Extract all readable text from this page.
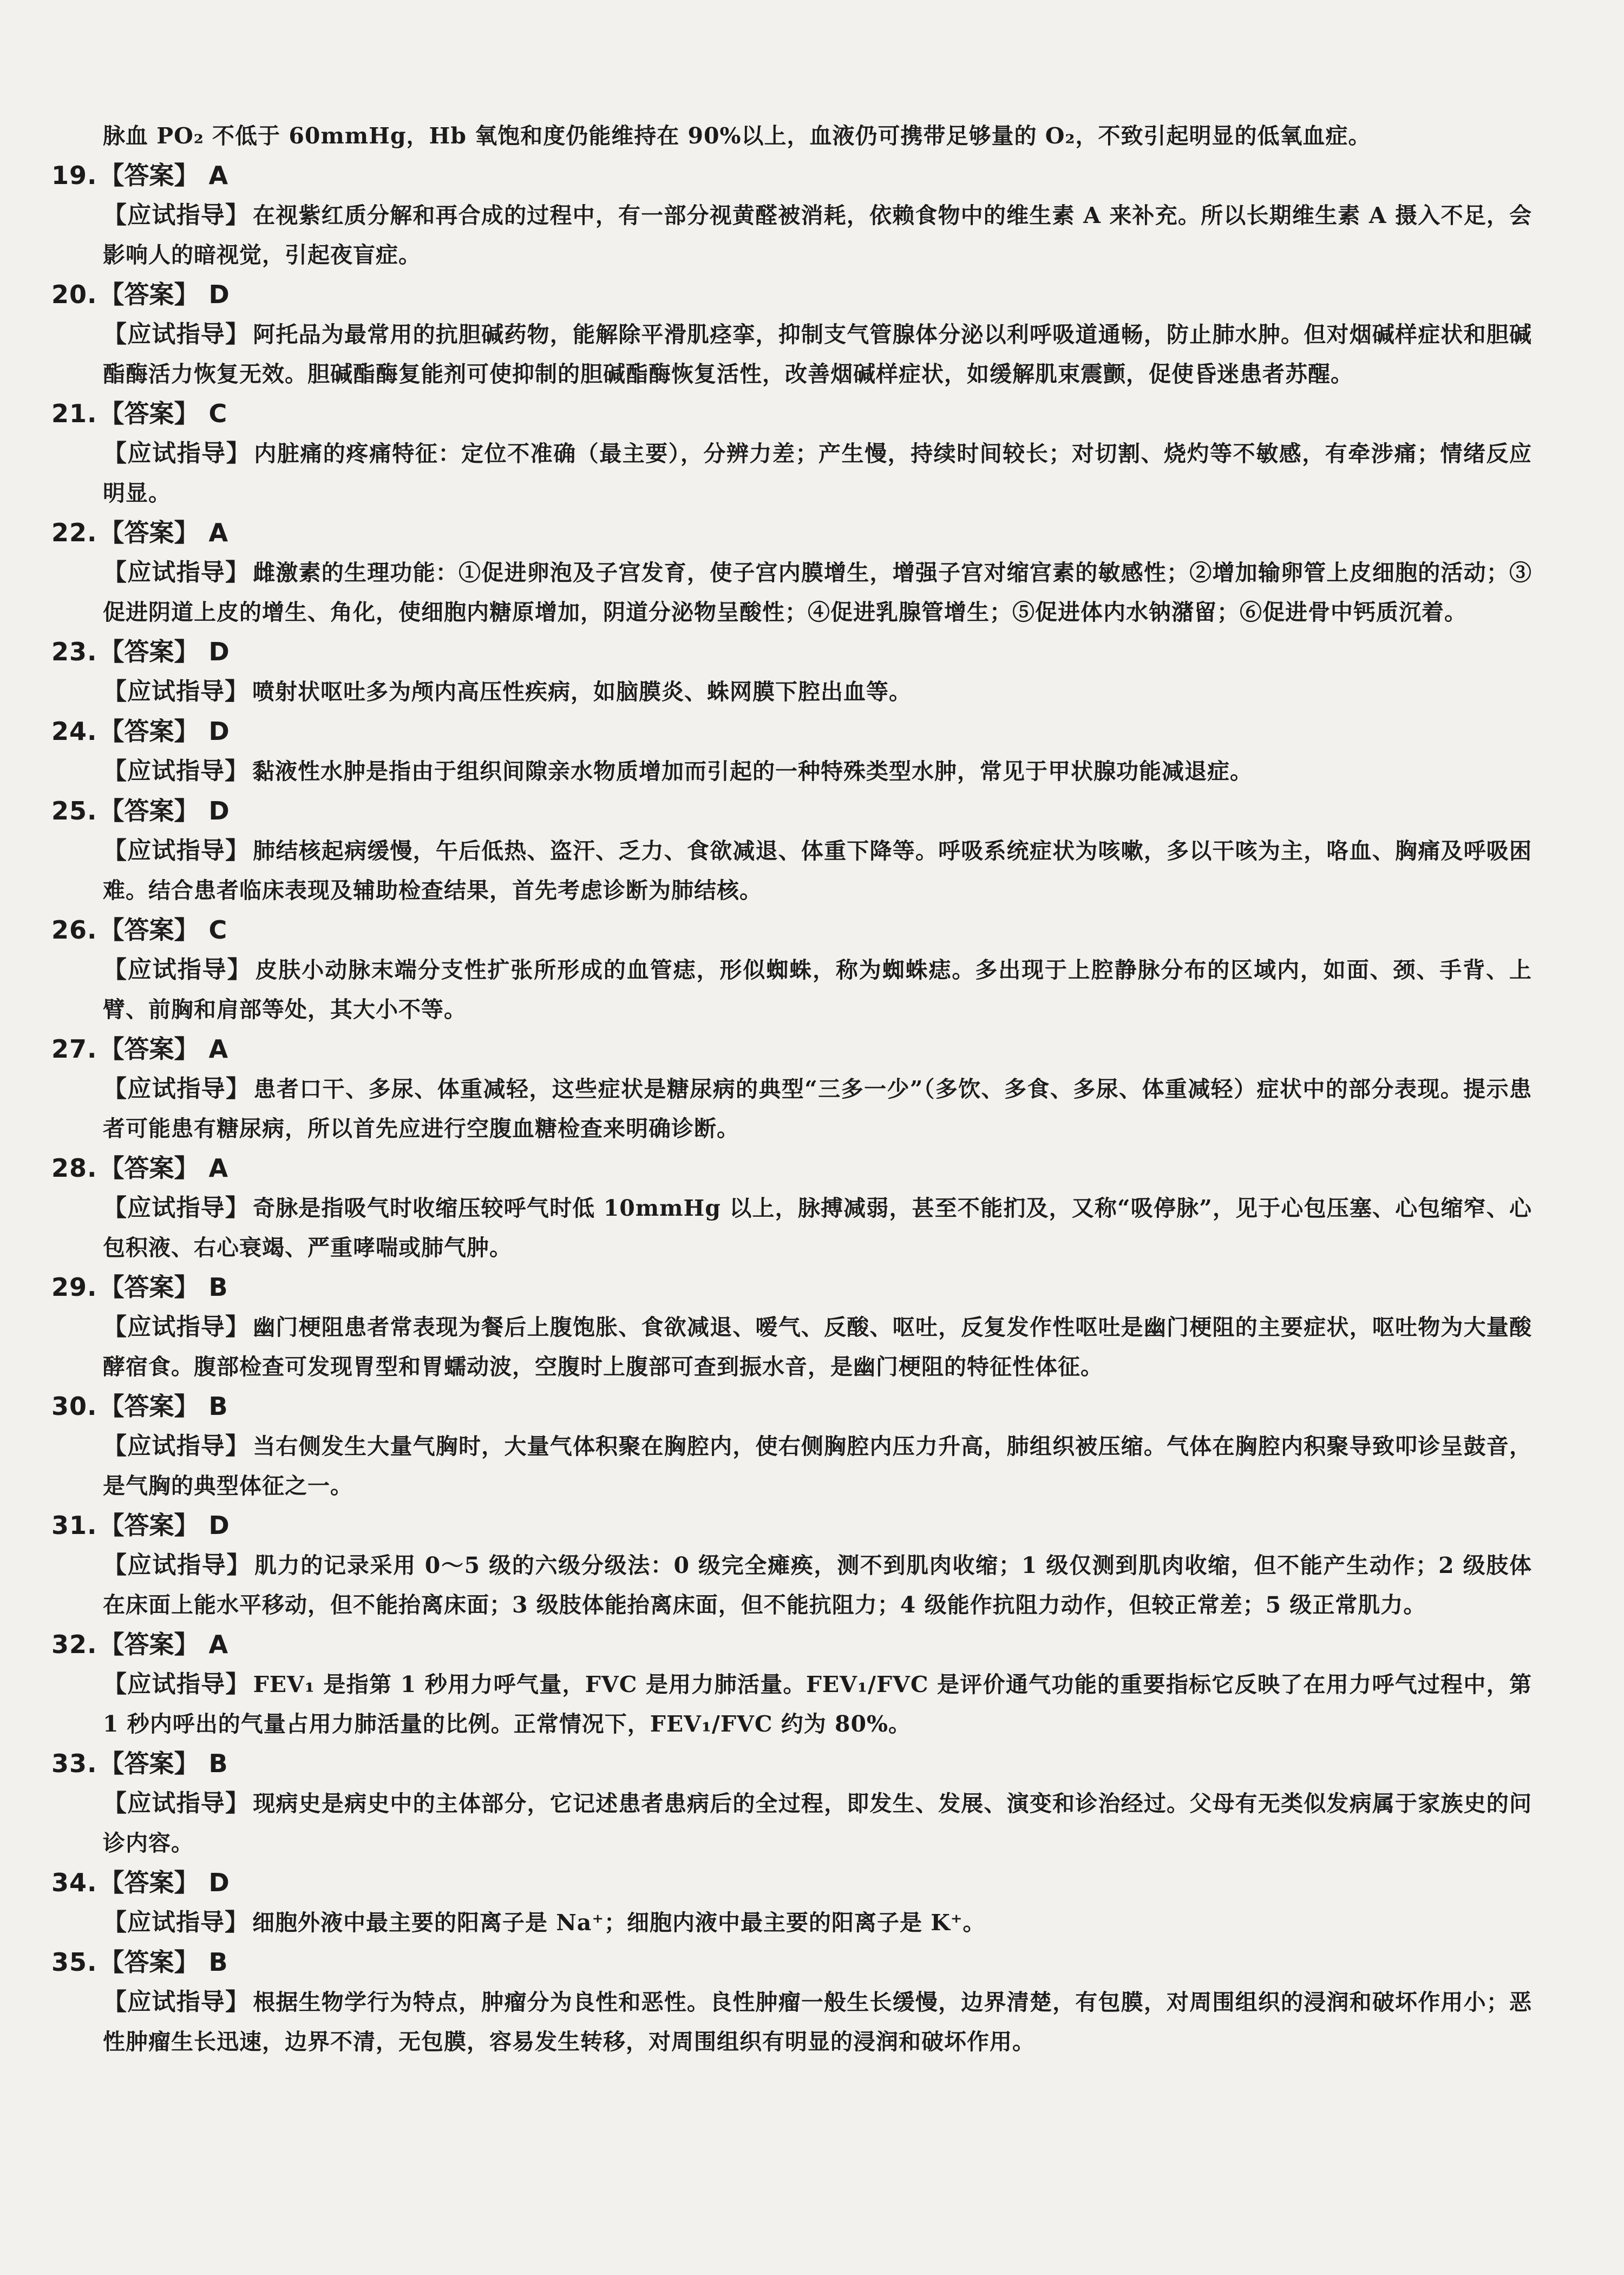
脉血 PO₂ 不低于 60mmHg，Hb 氧饱和度仍能维持在 90%以上，血液仍可携带足够量的 O₂，不致引起明显的低氧血症。
19.【答案】 A
【应试指导】 在视紫红质分解和再合成的过程中，有一部分视黄醛被消耗，依赖食物中的维生素 A 来补充。所以长期维生素 A 摄入不足，会影响人的暗视觉，引起夜盲症。
20.【答案】 D
【应试指导】 阿托品为最常用的抗胆碱药物，能解除平滑肌痉挛，抑制支气管腺体分泌以利呼吸道通畅，防止肺水肿。但对烟碱样症状和胆碱酯酶活力恢复无效。胆碱酯酶复能剂可使抑制的胆碱酯酶恢复活性，改善烟碱样症状，如缓解肌束震颤，促使昏迷患者苏醒。
21.【答案】 C
【应试指导】 内脏痛的疼痛特征：定位不准确（最主要），分辨力差；产生慢，持续时间较长；对切割、烧灼等不敏感，有牵涉痛；情绪反应明显。
22.【答案】 A
【应试指导】 雌激素的生理功能：①促进卵泡及子宫发育，使子宫内膜增生，增强子宫对缩宫素的敏感性；②增加输卵管上皮细胞的活动；③促进阴道上皮的增生、角化，使细胞内糖原增加，阴道分泌物呈酸性；④促进乳腺管增生；⑤促进体内水钠潴留；⑥促进骨中钙质沉着。
23.【答案】 D
【应试指导】 喷射状呕吐多为颅内高压性疾病，如脑膜炎、蛛网膜下腔出血等。
24.【答案】 D
【应试指导】 黏液性水肿是指由于组织间隙亲水物质增加而引起的一种特殊类型水肿，常见于甲状腺功能减退症。
25.【答案】 D
【应试指导】 肺结核起病缓慢，午后低热、盗汗、乏力、食欲减退、体重下降等。呼吸系统症状为咳嗽，多以干咳为主，咯血、胸痛及呼吸困难。结合患者临床表现及辅助检查结果，首先考虑诊断为肺结核。
26.【答案】 C
【应试指导】 皮肤小动脉末端分支性扩张所形成的血管痣，形似蜘蛛，称为蜘蛛痣。多出现于上腔静脉分布的区域内，如面、颈、手背、上臂、前胸和肩部等处，其大小不等。
27.【答案】 A
【应试指导】 患者口干、多尿、体重减轻，这些症状是糖尿病的典型“三多一少”（多饮、多食、多尿、体重减轻）症状中的部分表现。提示患者可能患有糖尿病，所以首先应进行空腹血糖检查来明确诊断。
28.【答案】 A
【应试指导】 奇脉是指吸气时收缩压较呼气时低 10mmHg 以上，脉搏减弱，甚至不能扪及，又称“吸停脉”，见于心包压塞、心包缩窄、心包积液、右心衰竭、严重哮喘或肺气肿。
29.【答案】 B
【应试指导】 幽门梗阻患者常表现为餐后上腹饱胀、食欲减退、嗳气、反酸、呕吐，反复发作性呕吐是幽门梗阻的主要症状，呕吐物为大量酸酵宿食。腹部检查可发现胃型和胃蠕动波，空腹时上腹部可查到振水音，是幽门梗阻的特征性体征。
30.【答案】 B
【应试指导】 当右侧发生大量气胸时，大量气体积聚在胸腔内，使右侧胸腔内压力升高，肺组织被压缩。气体在胸腔内积聚导致叩诊呈鼓音，是气胸的典型体征之一。
31.【答案】 D
【应试指导】 肌力的记录采用 0～5 级的六级分级法：0 级完全瘫痪，测不到肌肉收缩；1 级仅测到肌肉收缩，但不能产生动作；2 级肢体在床面上能水平移动，但不能抬离床面；3 级肢体能抬离床面，但不能抗阻力；4 级能作抗阻力动作，但较正常差；5 级正常肌力。
32.【答案】 A
【应试指导】 FEV₁ 是指第 1 秒用力呼气量，FVC 是用力肺活量。FEV₁/FVC 是评价通气功能的重要指标它反映了在用力呼气过程中，第 1 秒内呼出的气量占用力肺活量的比例。正常情况下，FEV₁/FVC 约为 80%。
33.【答案】 B
【应试指导】 现病史是病史中的主体部分，它记述患者患病后的全过程，即发生、发展、演变和诊治经过。父母有无类似发病属于家族史的问诊内容。
34.【答案】 D
【应试指导】 细胞外液中最主要的阳离子是 Na⁺；细胞内液中最主要的阳离子是 K⁺。
35.【答案】 B
【应试指导】 根据生物学行为特点，肿瘤分为良性和恶性。良性肿瘤一般生长缓慢，边界清楚，有包膜，对周围组织的浸润和破坏作用小；恶性肿瘤生长迅速，边界不清，无包膜，容易发生转移，对周围组织有明显的浸润和破坏作用。
